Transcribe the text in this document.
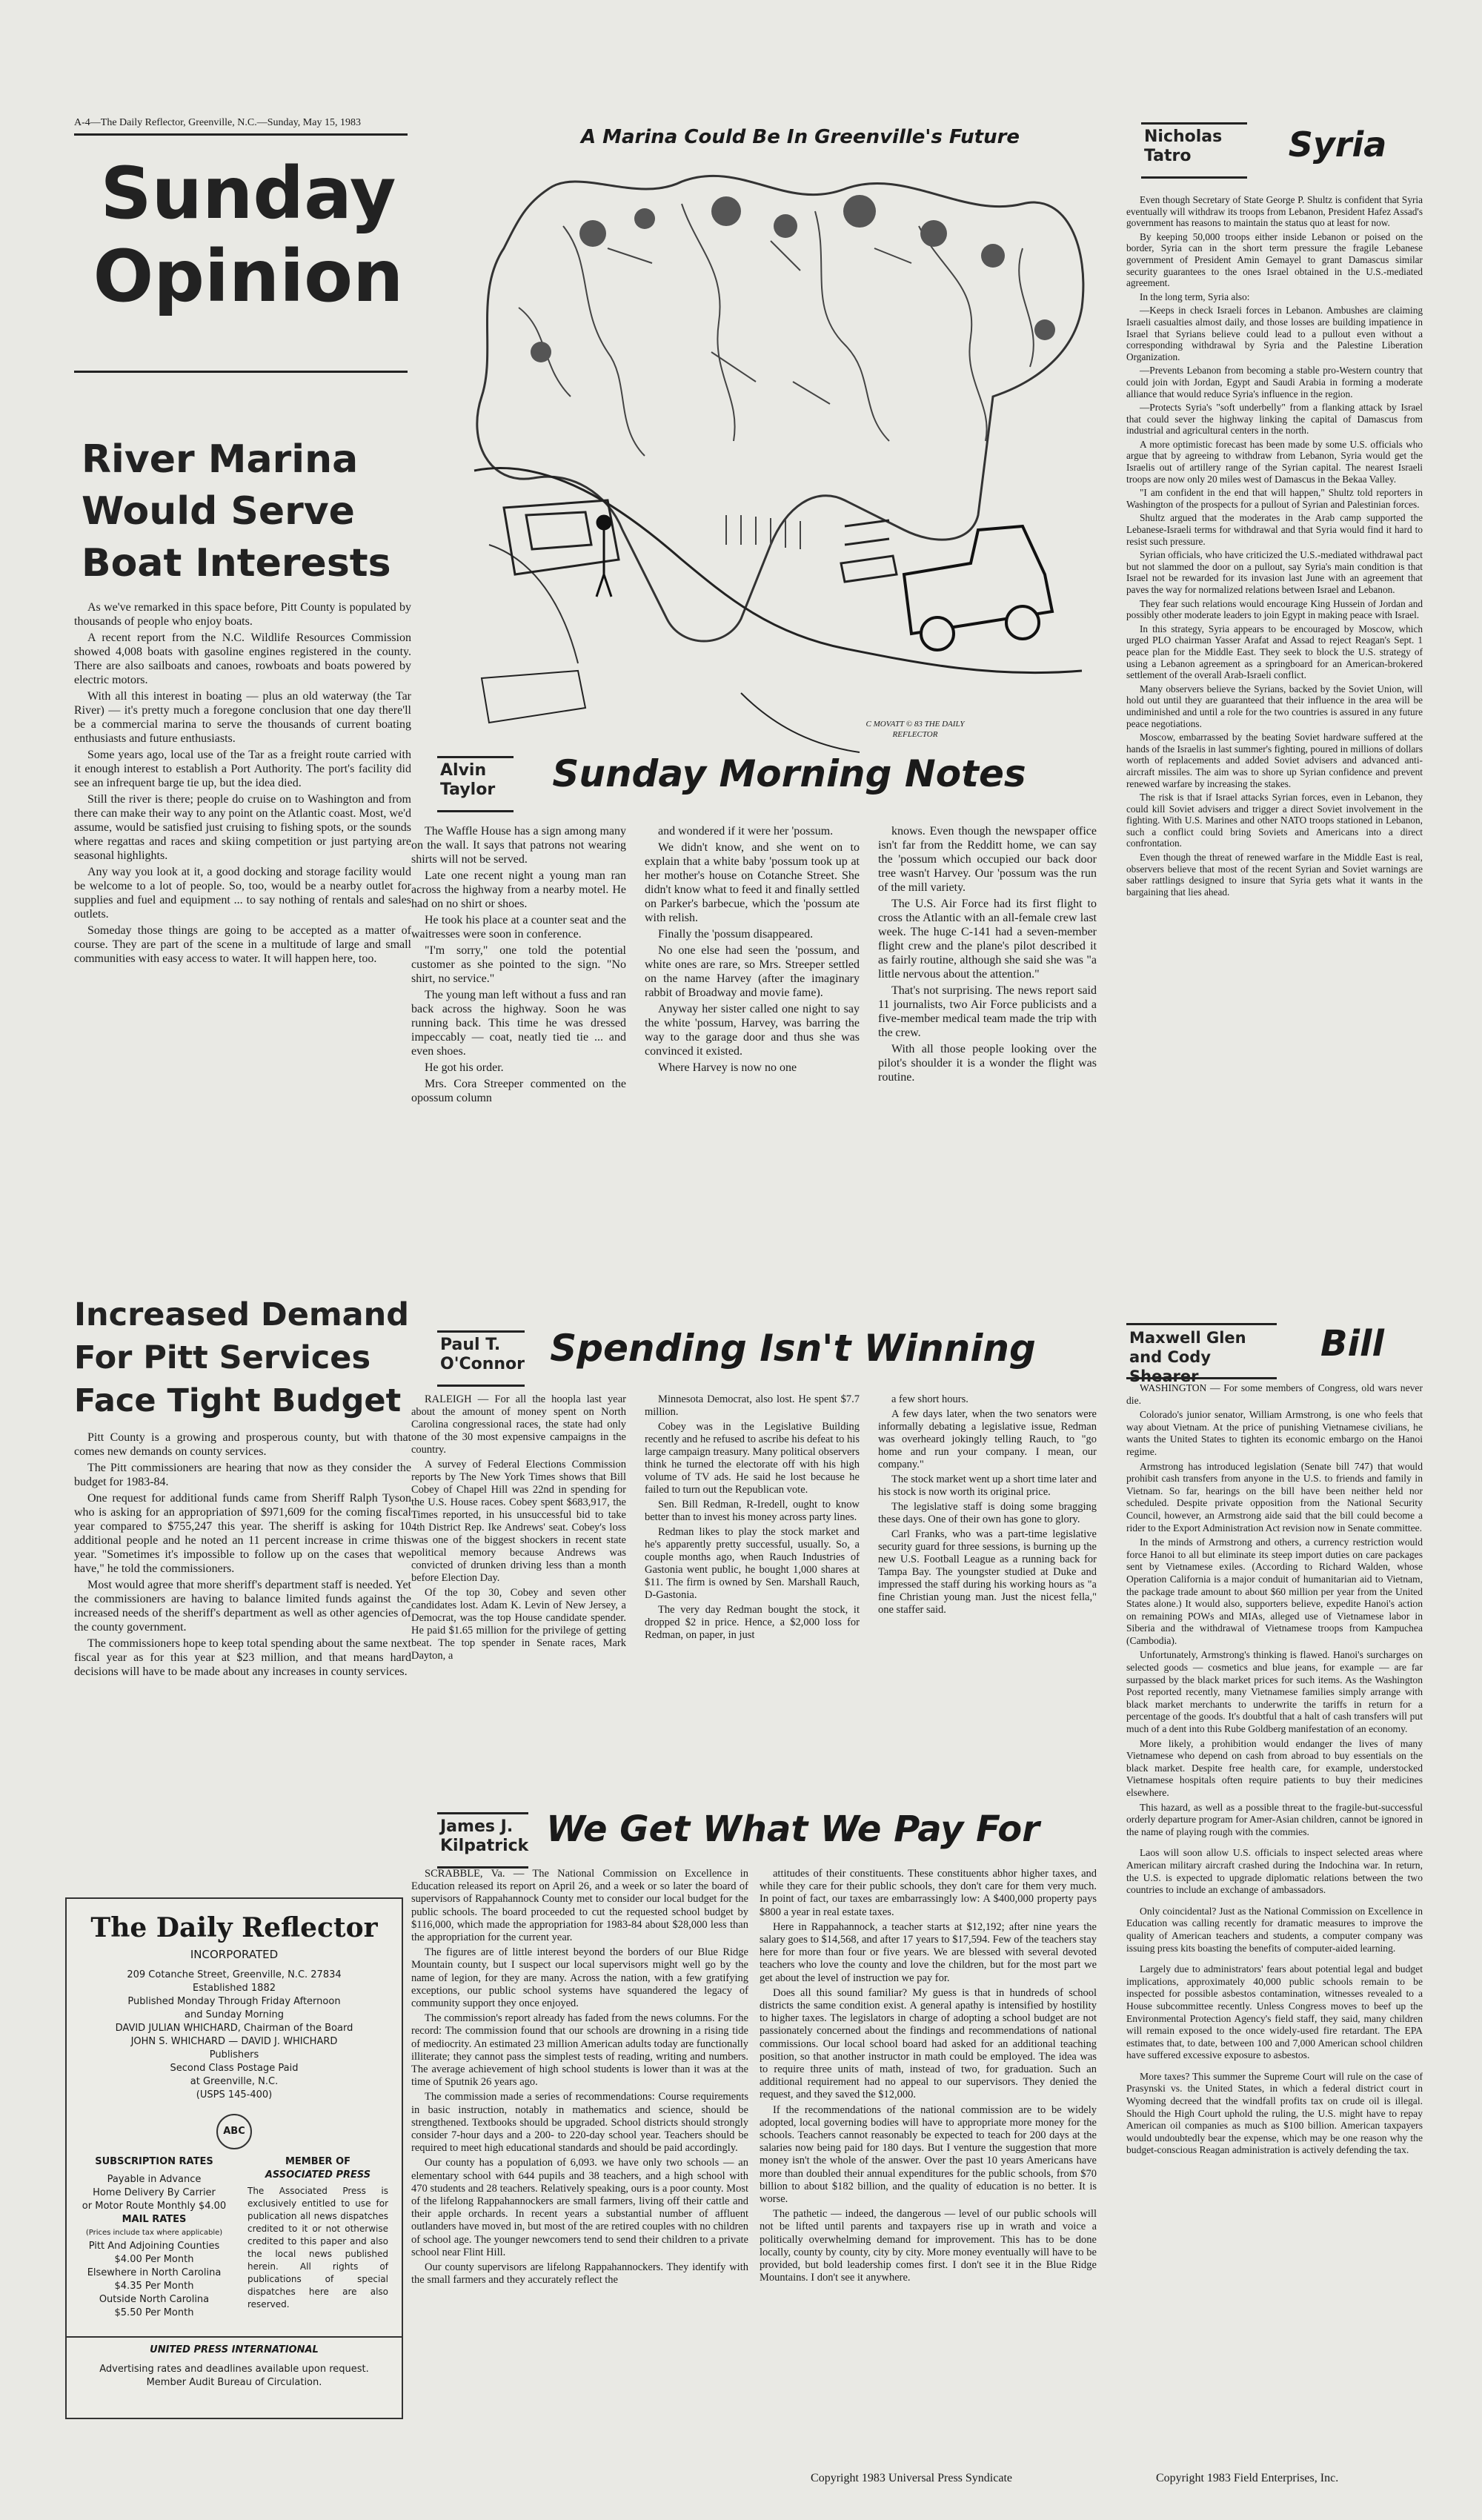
A-4—The Daily Reflector, Greenville, N.C.—Sunday, May 15, 1983
Sunday
Opinion
River Marina
Would Serve
Boat Interests

As we've remarked in this space before, Pitt County is populated by thousands of people who enjoy boats.

A recent report from the N.C. Wildlife Resources Commission showed 4,008 boats with gasoline engines registered in the county. There are also sailboats and canoes, rowboats and boats powered by electric motors.

With all this interest in boating — plus an old waterway (the Tar River) — it's pretty much a foregone conclusion that one day there'll be a commercial marina to serve the thousands of current boating enthusiasts and future enthusiasts.

Some years ago, local use of the Tar as a freight route carried with it enough interest to establish a Port Authority. The port's facility did see an infrequent barge tie up, but the idea died.

Still the river is there; people do cruise on to Washington and from there can make their way to any point on the Atlantic coast. Most, we'd assume, would be satisfied just cruising to fishing spots, or the sounds where regattas and races and skiing competition or just partying are seasonal highlights.

Any way you look at it, a good docking and storage facility would be welcome to a lot of people. So, too, would be a nearby outlet for supplies and fuel and equipment ... to say nothing of rentals and sales outlets.

Someday those things are going to be accepted as a matter of course. They are part of the scene in a multitude of large and small communities with easy access to water. It will happen here, too.

A Marina Could Be In Greenville's Future
C MOVATT © 83 THE DAILY REFLECTOR
Nicholas
Tatro	Syria

Even though Secretary of State George P. Shultz is confident that Syria eventually will withdraw its troops from Lebanon, President Hafez Assad's government has reasons to maintain the status quo at least for now.

By keeping 50,000 troops either inside Lebanon or poised on the border, Syria can in the short term pressure the fragile Lebanese government of President Amin Gemayel to grant Damascus similar security guarantees to the ones Israel obtained in the U.S.-mediated agreement.

In the long term, Syria also:

—Keeps in check Israeli forces in Lebanon. Ambushes are claiming Israeli casualties almost daily, and those losses are building impatience in Israel that Syrians believe could lead to a pullout even without a corresponding withdrawal by Syria and the Palestine Liberation Organization.

—Prevents Lebanon from becoming a stable pro-Western country that could join with Jordan, Egypt and Saudi Arabia in forming a moderate alliance that would reduce Syria's influence in the region.

—Protects Syria's "soft underbelly" from a flanking attack by Israel that could sever the highway linking the capital of Damascus from industrial and agricultural centers in the north.

A more optimistic forecast has been made by some U.S. officials who argue that by agreeing to withdraw from Lebanon, Syria would get the Israelis out of artillery range of the Syrian capital. The nearest Israeli troops are now only 20 miles west of Damascus in the Bekaa Valley.

"I am confident in the end that will happen," Shultz told reporters in Washington of the prospects for a pullout of Syrian and Palestinian forces.

Shultz argued that the moderates in the Arab camp supported the Lebanese-Israeli terms for withdrawal and that Syria would find it hard to resist such pressure.

Syrian officials, who have criticized the U.S.-mediated withdrawal pact but not slammed the door on a pullout, say Syria's main condition is that Israel not be rewarded for its invasion last June with an agreement that paves the way for normalized relations between Israel and Lebanon.

They fear such relations would encourage King Hussein of Jordan and possibly other moderate leaders to join Egypt in making peace with Israel.

In this strategy, Syria appears to be encouraged by Moscow, which urged PLO chairman Yasser Arafat and Assad to reject Reagan's Sept. 1 peace plan for the Middle East. They seek to block the U.S. strategy of using a Lebanon agreement as a springboard for an American-brokered settlement of the overall Arab-Israeli conflict.

Many observers believe the Syrians, backed by the Soviet Union, will hold out until they are guaranteed that their influence in the area will be undiminished and until a role for the two countries is assured in any future peace negotiations.

Moscow, embarrassed by the beating Soviet hardware suffered at the hands of the Israelis in last summer's fighting, poured in millions of dollars worth of replacements and added Soviet advisers and advanced anti-aircraft missiles. The aim was to shore up Syrian confidence and prevent renewed warfare by increasing the stakes.

The risk is that if Israel attacks Syrian forces, even in Lebanon, they could kill Soviet advisers and trigger a direct Soviet involvement in the fighting. With U.S. Marines and other NATO troops stationed in Lebanon, such a conflict could bring Soviets and Americans into a direct confrontation.

Even though the threat of renewed warfare in the Middle East is real, observers believe that most of the recent Syrian and Soviet warnings are saber rattlings designed to insure that Syria gets what it wants in the bargaining that lies ahead.

Alvin
Taylor	Sunday Morning Notes

The Waffle House has a sign among many on the wall. It says that patrons not wearing shirts will not be served.

Late one recent night a young man ran across the highway from a nearby motel. He had on no shirt or shoes.

He took his place at a counter seat and the waitresses were soon in conference.

"I'm sorry," one told the potential customer as she pointed to the sign. "No shirt, no service."

The young man left without a fuss and ran back across the highway. Soon he was running back. This time he was dressed impeccably — coat, neatly tied tie ... and even shoes.

He got his order.

Mrs. Cora Streeper commented on the opossum column

and wondered if it were her 'possum.

We didn't know, and she went on to explain that a white baby 'possum took up at her mother's house on Cotanche Street. She didn't know what to feed it and finally settled on Parker's barbecue, which the 'possum ate with relish.

Finally the 'possum disappeared.

No one else had seen the 'possum, and white ones are rare, so Mrs. Streeper settled on the name Harvey (after the imaginary rabbit of Broadway and movie fame).

Anyway her sister called one night to say the white 'possum, Harvey, was barring the way to the garage door and thus she was convinced it existed.

Where Harvey is now no one

knows. Even though the newspaper office isn't far from the Redditt home, we can say the 'possum which occupied our back door tree wasn't Harvey. Our 'possum was the run of the mill variety.

The U.S. Air Force had its first flight to cross the Atlantic with an all-female crew last week. The huge C-141 had a seven-member flight crew and the plane's pilot described it as fairly routine, although she said she was "a little nervous about the attention."

That's not surprising. The news report said 11 journalists, two Air Force publicists and a five-member medical team made the trip with the crew.

With all those people looking over the pilot's shoulder it is a wonder the flight was routine.

Increased Demand
For Pitt Services
Face Tight Budget

Pitt County is a growing and prosperous county, but with that comes new demands on county services.

The Pitt commissioners are hearing that now as they consider the budget for 1983-84.

One request for additional funds came from Sheriff Ralph Tyson who is asking for an appropriation of $971,609 for the coming fiscal year compared to $755,247 this year. The sheriff is asking for 10 additional people and he noted an 11 percent increase in crime this year. "Sometimes it's impossible to follow up on the cases that we have," he told the commissioners.

Most would agree that more sheriff's department staff is needed. Yet the commissioners are having to balance limited funds against the increased needs of the sheriff's department as well as other agencies of the county government.

The commissioners hope to keep total spending about the same next fiscal year as for this year at $23 million, and that means hard decisions will have to be made about any increases in county services.

Paul T.
O'Connor Spending Isn't Winning

RALEIGH — For all the hoopla last year about the amount of money spent on North Carolina congressional races, the state had only one of the 30 most expensive campaigns in the country.

A survey of Federal Elections Commission reports by The New York Times shows that Bill Cobey of Chapel Hill was 22nd in spending for the U.S. House races. Cobey spent $683,917, the Times reported, in his unsuccessful bid to take 4th District Rep. Ike Andrews' seat. Cobey's loss was one of the biggest shockers in recent state political memory because Andrews was convicted of drunken driving less than a month before Election Day.

Of the top 30, Cobey and seven other candidates lost. Adam K. Levin of New Jersey, a Democrat, was the top House candidate spender. He paid $1.65 million for the privilege of getting beat. The top spender in Senate races, Mark Dayton, a

Minnesota Democrat, also lost. He spent $7.7 million.

Cobey was in the Legislative Building recently and he refused to ascribe his defeat to his large campaign treasury. Many political observers think he turned the electorate off with his high volume of TV ads. He said he lost because he failed to turn out the Republican vote.

Sen. Bill Redman, R-Iredell, ought to know better than to invest his money across party lines.

Redman likes to play the stock market and he's apparently pretty successful, usually. So, a couple months ago, when Rauch Industries of Gastonia went public, he bought 1,000 shares at $11. The firm is owned by Sen. Marshall Rauch, D-Gastonia.

The very day Redman bought the stock, it dropped $2 in price. Hence, a $2,000 loss for Redman, on paper, in just

a few short hours.

A few days later, when the two senators were informally debating a legislative issue, Redman was overheard jokingly telling Rauch, to "go home and run your company. I mean, our company."

The stock market went up a short time later and his stock is now worth its original price.

The legislative staff is doing some bragging these days. One of their own has gone to glory.

Carl Franks, who was a part-time legislative security guard for three sessions, is burning up the new U.S. Football League as a running back for Tampa Bay. The youngster studied at Duke and impressed the staff during his working hours as "a fine Christian young man. Just the nicest fella," one staffer said.

Maxwell Glen
and Cody Shearer
Bill

WASHINGTON — For some members of Congress, old wars never die.

Colorado's junior senator, William Armstrong, is one who feels that way about Vietnam. At the price of punishing Vietnamese civilians, he wants the United States to tighten its economic embargo on the Hanoi regime.

Armstrong has introduced legislation (Senate bill 747) that would prohibit cash transfers from anyone in the U.S. to friends and family in Vietnam. So far, hearings on the bill have been neither held nor scheduled. Despite private opposition from the National Security Council, however, an Armstrong aide said that the bill could become a rider to the Export Administration Act revision now in Senate committee.

In the minds of Armstrong and others, a currency restriction would force Hanoi to all but eliminate its steep import duties on care packages sent by Vietnamese exiles. (According to Richard Walden, whose Operation California is a major conduit of humanitarian aid to Vietnam, the package trade amount to about $60 million per year from the United States alone.) It would also, supporters believe, expedite Hanoi's action on remaining POWs and MIAs, alleged use of Vietnamese labor in Siberia and the withdrawal of Vietnamese troops from Kampuchea (Cambodia).

Unfortunately, Armstrong's thinking is flawed. Hanoi's surcharges on selected goods — cosmetics and blue jeans, for example — are far surpassed by the black market prices for such items. As the Washington Post reported recently, many Vietnamese families simply arrange with black market merchants to underwrite the tariffs in return for a percentage of the goods. It's doubtful that a halt of cash transfers will put much of a dent into this Rube Goldberg manifestation of an economy.

More likely, a prohibition would endanger the lives of many Vietnamese who depend on cash from abroad to buy essentials on the black market. Despite free health care, for example, understocked Vietnamese hospitals often require patients to buy their medicines elsewhere.

This hazard, as well as a possible threat to the fragile-but-successful orderly departure program for Amer-Asian children, cannot be ignored in the name of playing rough with the commies.

Laos will soon allow U.S. officials to inspect selected areas where American military aircraft crashed during the Indochina war. In return, the U.S. is expected to upgrade diplomatic relations between the two countries to include an exchange of ambassadors.

Only coincidental? Just as the National Commission on Excellence in Education was calling recently for dramatic measures to improve the quality of American teachers and students, a computer company was issuing press kits boasting the benefits of computer-aided learning.

Largely due to administrators' fears about potential legal and budget implications, approximately 40,000 public schools remain to be inspected for possible asbestos contamination, witnesses revealed to a House subcommittee recently. Unless Congress moves to beef up the Environmental Protection Agency's field staff, they said, many children will remain exposed to the once widely-used fire retardant. The EPA estimates that, to date, between 100 and 7,000 American school children have suffered excessive exposure to asbestos.

More taxes? This summer the Supreme Court will rule on the case of Prasynski vs. the United States, in which a federal district court in Wyoming decreed that the windfall profits tax on crude oil is illegal. Should the High Court uphold the ruling, the U.S. might have to repay American oil companies as much as $100 billion. American taxpayers would undoubtedly bear the expense, which may be one reason why the budget-conscious Reagan administration is actively defending the tax.

Copyright 1983 Field Enterprises, Inc.
James J.
Kilpatrick We Get What We Pay For

SCRABBLE, Va. — The National Commission on Excellence in Education released its report on April 26, and a week or so later the board of supervisors of Rappahannock County met to consider our local budget for the public schools. The board proceeded to cut the requested school budget by $116,000, which made the appropriation for 1983-84 about $28,000 less than the appropriation for the current year.

The figures are of little interest beyond the borders of our Blue Ridge Mountain county, but I suspect our local supervisors might well go by the name of legion, for they are many. Across the nation, with a few gratifying exceptions, our public school systems have squandered the legacy of community support they once enjoyed.

The commission's report already has faded from the news columns. For the record: The commission found that our schools are drowning in a rising tide of mediocrity. An estimated 23 million American adults today are functionally illiterate; they cannot pass the simplest tests of reading, writing and numbers. The average achievement of high school students is lower than it was at the time of Sputnik 26 years ago.

The commission made a series of recommendations: Course requirements in basic instruction, notably in mathematics and science, should be strengthened. Textbooks should be upgraded. School districts should strongly consider 7-hour days and a 200- to 220-day school year. Teachers should be required to meet high educational standards and should be paid accordingly.

Our county has a population of 6,093. we have only two schools — an elementary school with 644 pupils and 38 teachers, and a high school with 470 students and 28 teachers. Relatively speaking, ours is a poor county. Most of the lifelong Rappahannockers are small farmers, living off their cattle and their apple orchards. In recent years a substantial number of affluent outlanders have moved in, but most of the are retired couples with no children of school age. The younger newcomers tend to send their children to a private school near Flint Hill.

Our county supervisors are lifelong Rappahannockers. They identify with the small farmers and they accurately reflect the

attitudes of their constituents. These constituents abhor higher taxes, and while they care for their public schools, they don't care for them very much. In point of fact, our taxes are embarrassingly low: A $400,000 property pays $800 a year in real estate taxes.

Here in Rappahannock, a teacher starts at $12,192; after nine years the salary goes to $14,568, and after 17 years to $17,594. Few of the teachers stay here for more than four or five years. We are blessed with several devoted teachers who love the county and love the children, but for the most part we get about the level of instruction we pay for.

Does all this sound familiar? My guess is that in hundreds of school districts the same condition exist. A general apathy is intensified by hostility to higher taxes. The legislators in charge of adopting a school budget are not passionately concerned about the findings and recommendations of national commissions. Our local school board had asked for an additional teaching position, so that another instructor in math could be employed. The idea was to require three units of math, instead of two, for graduation. Such an additional requirement had no appeal to our supervisors. They denied the request, and they saved the $12,000.

If the recommendations of the national commission are to be widely adopted, local governing bodies will have to appropriate more money for the schools. Teachers cannot reasonably be expected to teach for 200 days at the salaries now being paid for 180 days. But I venture the suggestion that more money isn't the whole of the answer. Over the past 10 years Americans have more than doubled their annual expenditures for the public schools, from $70 billion to about $182 billion, and the quality of education is no better. It is worse.

The pathetic — indeed, the dangerous — level of our public schools will not be lifted until parents and taxpayers rise up in wrath and voice a politically overwhelming demand for improvement. This has to be done locally, county by county, city by city. More money eventually will have to be provided, but bold leadership comes first. I don't see it in the Blue Ridge Mountains. I don't see it anywhere.

Copyright 1983 Universal Press Syndicate
The Daily Reflector
INCORPORATED
209 Cotanche Street, Greenville, N.C. 27834
Established 1882
Published Monday Through Friday Afternoon
and Sunday Morning
DAVID JULIAN WHICHARD, Chairman of the Board
JOHN S. WHICHARD — DAVID J. WHICHARD
Publishers
Second Class Postage Paid
at Greenville, N.C.
(USPS 145-400)
ABC
SUBSCRIPTION RATES
Payable in Advance
Home Delivery By Carrier
or Motor Route Monthly $4.00
MAIL RATES
(Prices include tax where applicable)
Pitt And Adjoining Counties
$4.00 Per Month
Elsewhere in North Carolina
$4.35 Per Month
Outside North Carolina
$5.50 Per Month
MEMBER OF
ASSOCIATED PRESS
The Associated Press is exclusively entitled to use for publication all news dispatches credited to it or not otherwise credited to this paper and also the local news published herein. All rights of publications of special dispatches here are also reserved.
UNITED PRESS INTERNATIONAL
Advertising rates and deadlines available upon request.
Member Audit Bureau of Circulation.
